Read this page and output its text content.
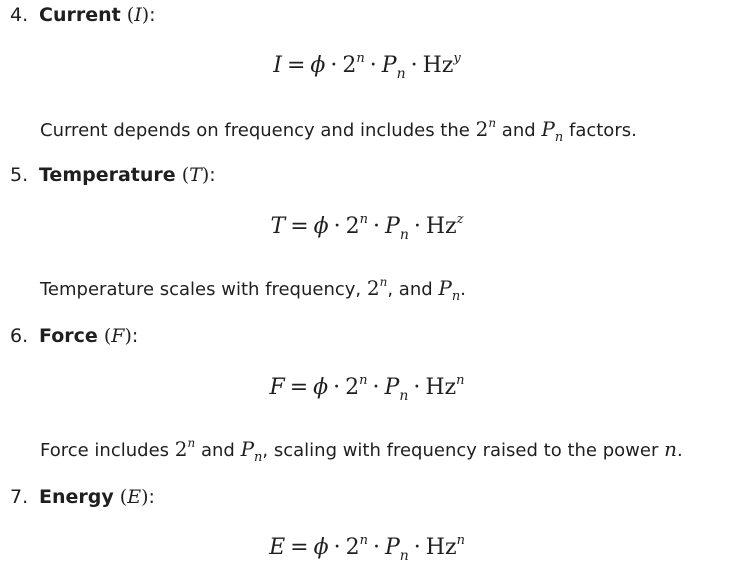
4. Current (I):
$I = \phi \cdot 2^n \cdot P_n \cdot Hz^y$
Current depends on frequency and includes the 2$^n$ and $P_n$ factors.
5. Temperature (T):
$T = \phi \cdot 2^n \cdot P_n \cdot Hz^z$
Temperature scales with frequency, 2$^n$, and $P_n$.
6. Force (F):
$F = \phi \cdot 2^n \cdot P_n \cdot Hz^n$
Force includes 2$^n$ and $P_n$, scaling with frequency raised to the power n.
7. Energy (E):
$E = \phi \cdot 2^n \cdot P_n \cdot Hz^n$
